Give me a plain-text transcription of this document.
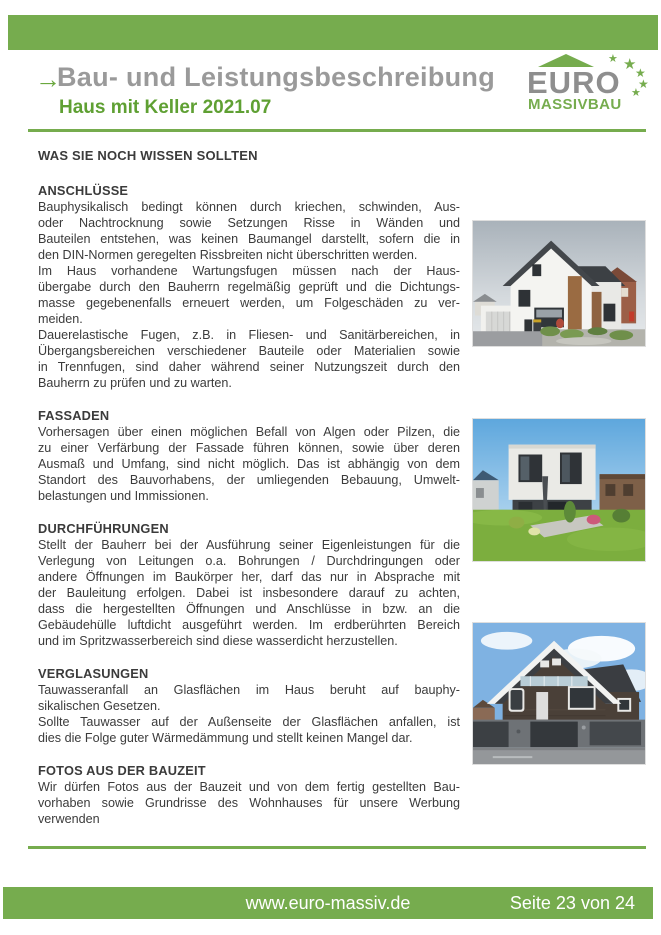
→
Bau- und Leistungsbeschreibung
Haus mit Keller 2021.07
★ ★
★
★
★
EURO
MASSIVBAU
WAS SIE NOCH WISSEN SOLLTEN
ANSCHLÜSSE
Bauphysikalisch bedingt können durch kriechen, schwinden, Aus-
oder Nachtrocknung sowie Setzungen Risse in Wänden und
Bauteilen entstehen, was keinen Baumangel darstellt, sofern die in
den DIN-Normen geregelten Rissbreiten nicht überschritten werden.
Im Haus vorhandene Wartungsfugen müssen nach der Haus-
übergabe durch den Bauherrn regelmäßig geprüft und die Dichtungs-
masse gegebenenfalls erneuert werden, um Folgeschäden zu ver-
meiden.
Dauerelastische Fugen, z.B. in Fliesen- und Sanitärbereichen, in
Übergangsbereichen verschiedener Bauteile oder Materialien sowie
in Trennfugen, sind daher während seiner Nutzungszeit durch den
Bauherrn zu prüfen und zu warten.
FASSADEN
Vorhersagen über einen möglichen Befall von Algen oder Pilzen, die
zu einer Verfärbung der Fassade führen können, sowie über deren
Ausmaß und Umfang, sind nicht möglich. Das ist abhängig von dem
Standort des Bauvorhabens, der umliegenden Bebauung, Umwelt-
belastungen und Immissionen.
DURCHFÜHRUNGEN
Stellt der Bauherr bei der Ausführung seiner Eigenleistungen für die
Verlegung von Leitungen o.a. Bohrungen / Durchdringungen oder
andere Öffnungen im Baukörper her, darf das nur in Absprache mit
der Bauleitung erfolgen. Dabei ist insbesondere darauf zu achten,
dass die hergestellten Öffnungen und Anschlüsse in bzw. an die
Gebäudehülle luftdicht ausgeführt werden. Im erdberührten Bereich
und im Spritzwasserbereich sind diese wasserdicht herzustellen.
VERGLASUNGEN
Tauwasseranfall an Glasflächen im Haus beruht auf bauphy-
sikalischen Gesetzen.
Sollte Tauwasser auf der Außenseite der Glasflächen anfallen, ist
dies die Folge guter Wärmedämmung und stellt keinen Mangel dar.
FOTOS AUS DER BAUZEIT
Wir dürfen Fotos aus der Bauzeit und von dem fertig gestellten Bau-
vorhaben sowie Grundrisse des Wohnhauses für unsere Werbung
verwenden
www.euro-massiv.de	Seite 23 von 24
